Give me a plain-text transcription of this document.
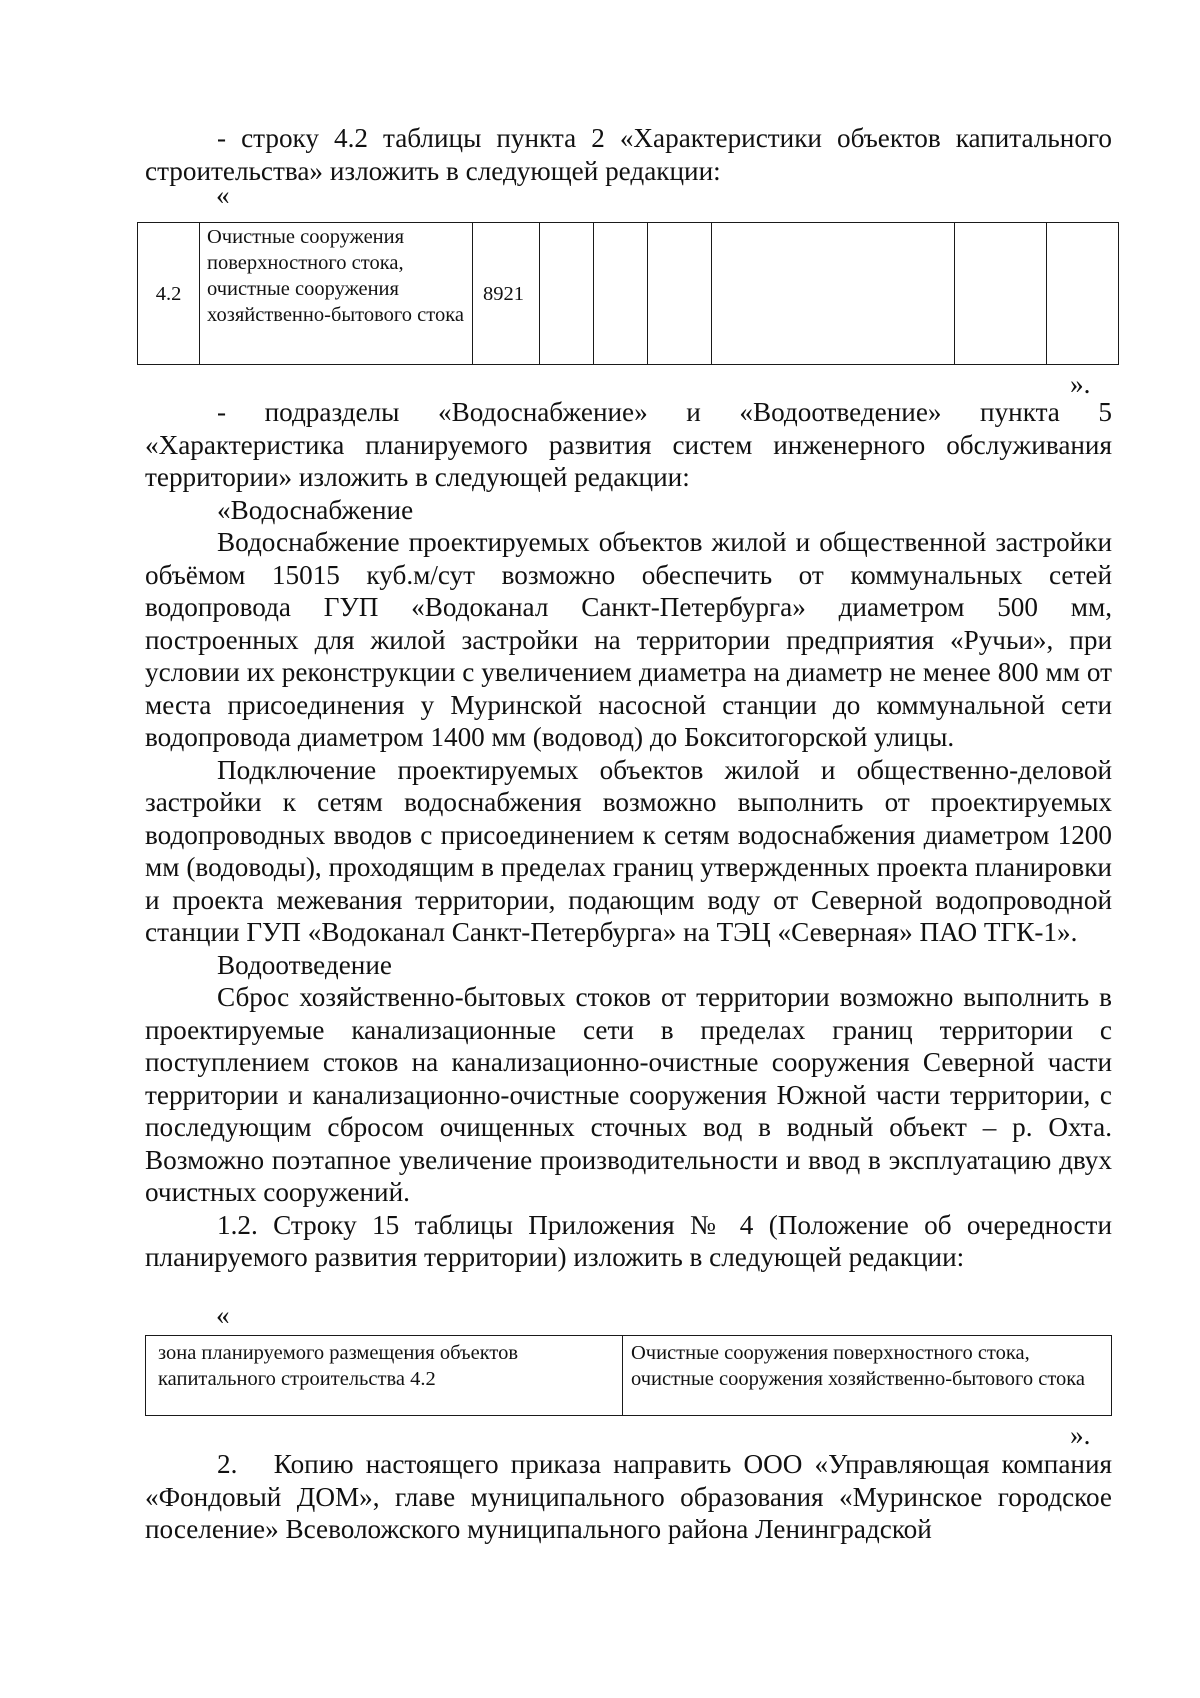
- строку 4.2 таблицы пункта 2 «Характеристики объектов капитального строительства» изложить в следующей редакции:

«
4.2	Очистные сооружения поверхностного стока, очистные сооружения хозяйственно-бытового стока	8921						
».

- подразделы «Водоснабжение» и «Водоотведение» пункта 5 «Характеристика планируемого развития систем инженерного обслуживания территории» изложить в следующей редакции:

«Водоснабжение

Водоснабжение проектируемых объектов жилой и общественной застройки объёмом 15015 куб.м/сут возможно обеспечить от коммунальных сетей водопровода ГУП «Водоканал Санкт-Петербурга» диаметром 500 мм, построенных для жилой застройки на территории предприятия «Ручьи», при условии их реконструкции с увеличением диаметра на диаметр не менее 800 мм от места присоединения у Муринской насосной станции до коммунальной сети водопровода диаметром 1400 мм (водовод) до Бокситогорской улицы.

Подключение проектируемых объектов жилой и общественно-деловой застройки к сетям водоснабжения возможно выполнить от проектируемых водопроводных вводов с присоединением к сетям водоснабжения диаметром 1200 мм (водоводы), проходящим в пределах границ утвержденных проекта планировки и проекта межевания территории, подающим воду от Северной водопроводной станции ГУП «Водоканал Санкт-Петербурга» на ТЭЦ «Северная» ПАО ТГК-1».

Водоотведение

Сброс хозяйственно-бытовых стоков от территории возможно выполнить в проектируемые канализационные сети в пределах границ территории с поступлением стоков на канализационно-очистные сооружения Северной части территории и канализационно-очистные сооружения Южной части территории, с последующим сбросом очищенных сточных вод в водный объект – р. Охта. Возможно поэтапное увеличение производительности и ввод в эксплуатацию двух очистных сооружений.

1.2. Строку 15 таблицы Приложения № 4 (Положение об очередности планируемого развития территории) изложить в следующей редакции:

«
зона планируемого размещения объектов капитального строительства 4.2	Очистные сооружения поверхностного стока, очистные сооружения хозяйственно-бытового стока
».

2.   Копию настоящего приказа направить ООО «Управляющая компания «Фондовый ДОМ», главе муниципального образования «Муринское городское поселение» Всеволожского муниципального района Ленинградской
